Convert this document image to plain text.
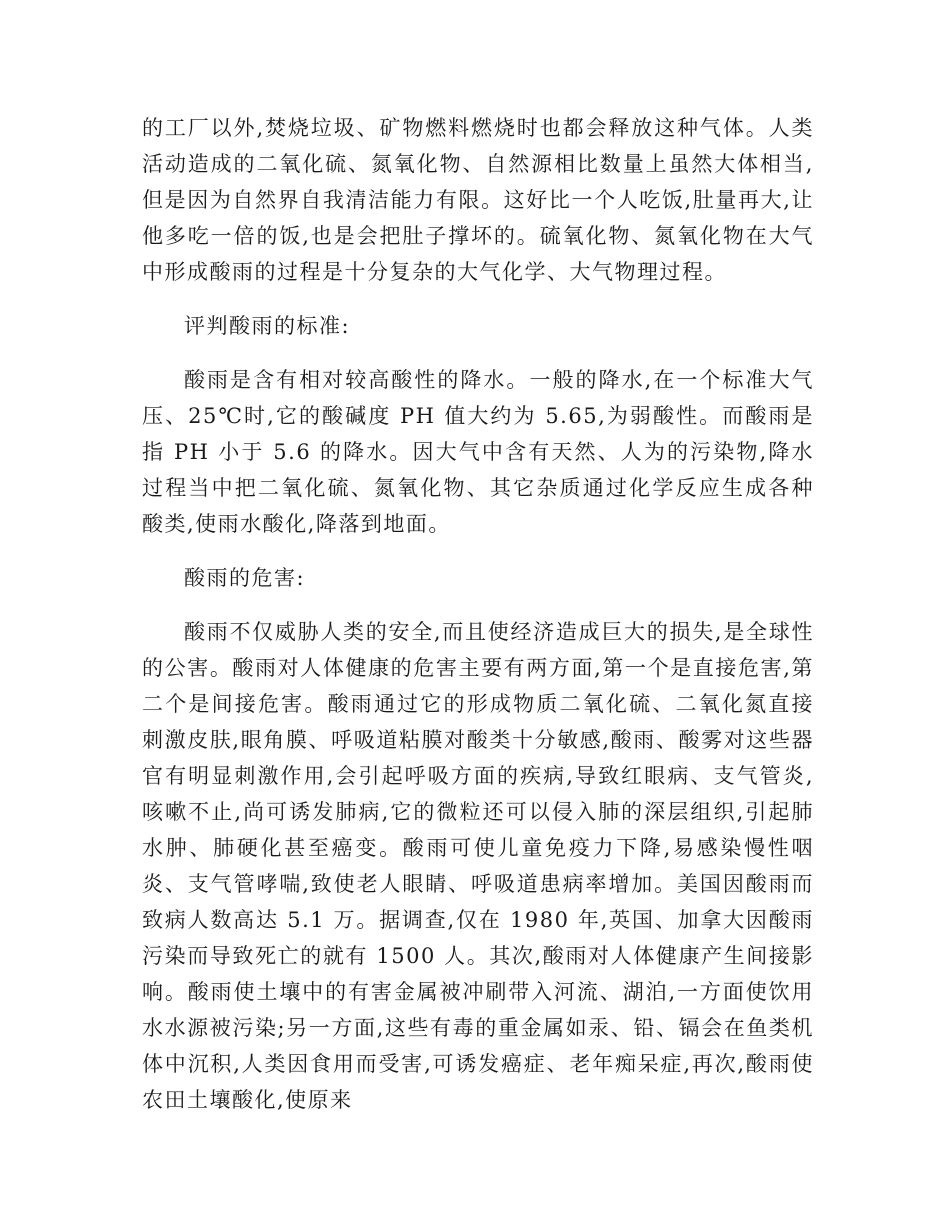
的工厂以外,焚烧垃圾、矿物燃料燃烧时也都会释放这种气体。人类活动造成的二氧化硫、氮氧化物、自然源相比数量上虽然大体相当,但是因为自然界自我清洁能力有限。这好比一个人吃饭,肚量再大,让他多吃一倍的饭,也是会把肚子撑坏的。硫氧化物、氮氧化物在大气中形成酸雨的过程是十分复杂的大气化学、大气物理过程。

评判酸雨的标准:

酸雨是含有相对较高酸性的降水。一般的降水,在一个标准大气压、25℃时,它的酸碱度 PH 值大约为 5.65,为弱酸性。而酸雨是指 PH 小于 5.6 的降水。因大气中含有天然、人为的污染物,降水过程当中把二氧化硫、氮氧化物、其它杂质通过化学反应生成各种酸类,使雨水酸化,降落到地面。

酸雨的危害:

酸雨不仅威胁人类的安全,而且使经济造成巨大的损失,是全球性的公害。酸雨对人体健康的危害主要有两方面,第一个是直接危害,第二个是间接危害。酸雨通过它的形成物质二氧化硫、二氧化氮直接刺激皮肤,眼角膜、呼吸道粘膜对酸类十分敏感,酸雨、酸雾对这些器官有明显刺激作用,会引起呼吸方面的疾病,导致红眼病、支气管炎,咳嗽不止,尚可诱发肺病,它的微粒还可以侵入肺的深层组织,引起肺水肿、肺硬化甚至癌变。酸雨可使儿童免疫力下降,易感染慢性咽炎、支气管哮喘,致使老人眼睛、呼吸道患病率增加。美国因酸雨而致病人数高达 5.1 万。据调查,仅在 1980 年,英国、加拿大因酸雨污染而导致死亡的就有 1500 人。其次,酸雨对人体健康产生间接影响。酸雨使土壤中的有害金属被冲刷带入河流、湖泊,一方面使饮用水水源被污染;另一方面,这些有毒的重金属如汞、铅、镉会在鱼类机体中沉积,人类因食用而受害,可诱发癌症、老年痴呆症,再次,酸雨使农田土壤酸化,使原来
